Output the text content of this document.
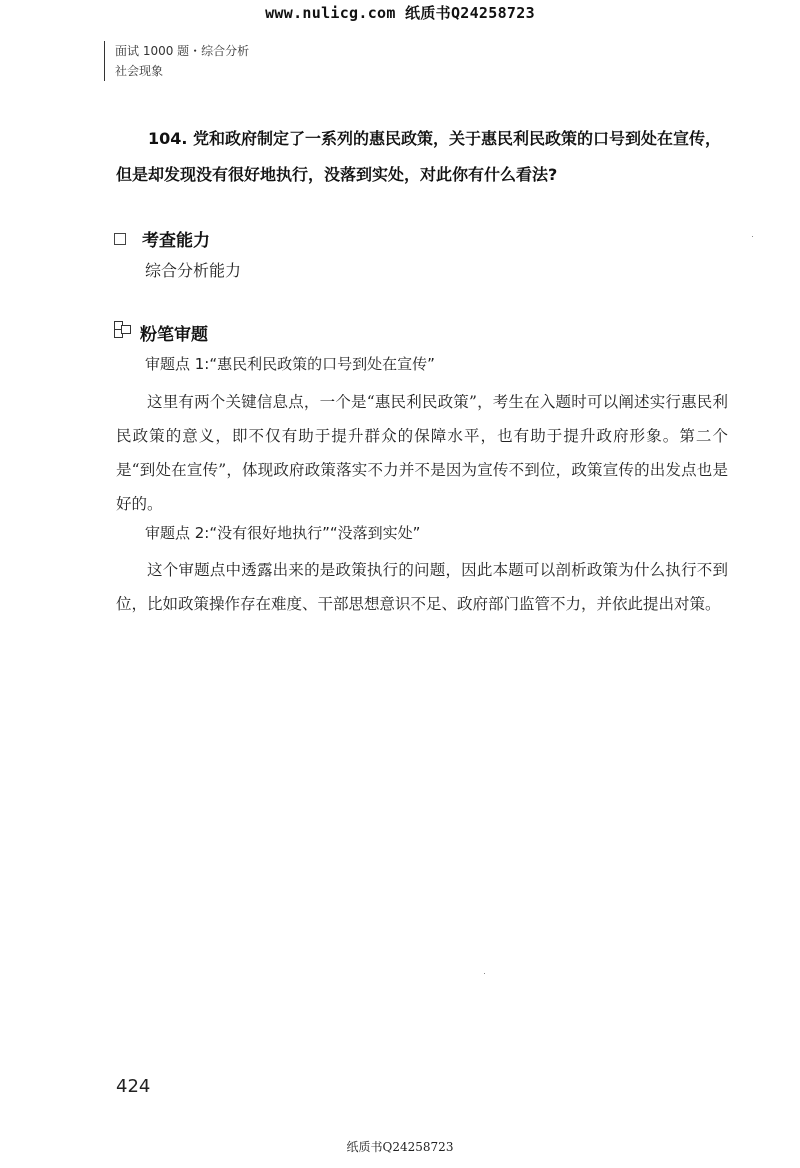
www.nulicg.com 纸质书Q24258723
面试 1000 题・综合分析
社会现象
104. 党和政府制定了一系列的惠民政策，关于惠民利民政策的口号到处在宣传，但是却发现没有很好地执行，没落到实处，对此你有什么看法?
考查能力
综合分析能力
粉笔审题
审题点 1:“惠民利民政策的口号到处在宣传”
这里有两个关键信息点，一个是“惠民利民政策”，考生在入题时可以阐述实行惠民利民政策的意义，即不仅有助于提升群众的保障水平，也有助于提升政府形象。第二个是“到处在宣传”，体现政府政策落实不力并不是因为宣传不到位，政策宣传的出发点也是好的。
审题点 2:“没有很好地执行”“没落到实处”
这个审题点中透露出来的是政策执行的问题，因此本题可以剖析政策为什么执行不到位，比如政策操作存在难度、干部思想意识不足、政府部门监管不力，并依此提出对策。
424
纸质书Q24258723
